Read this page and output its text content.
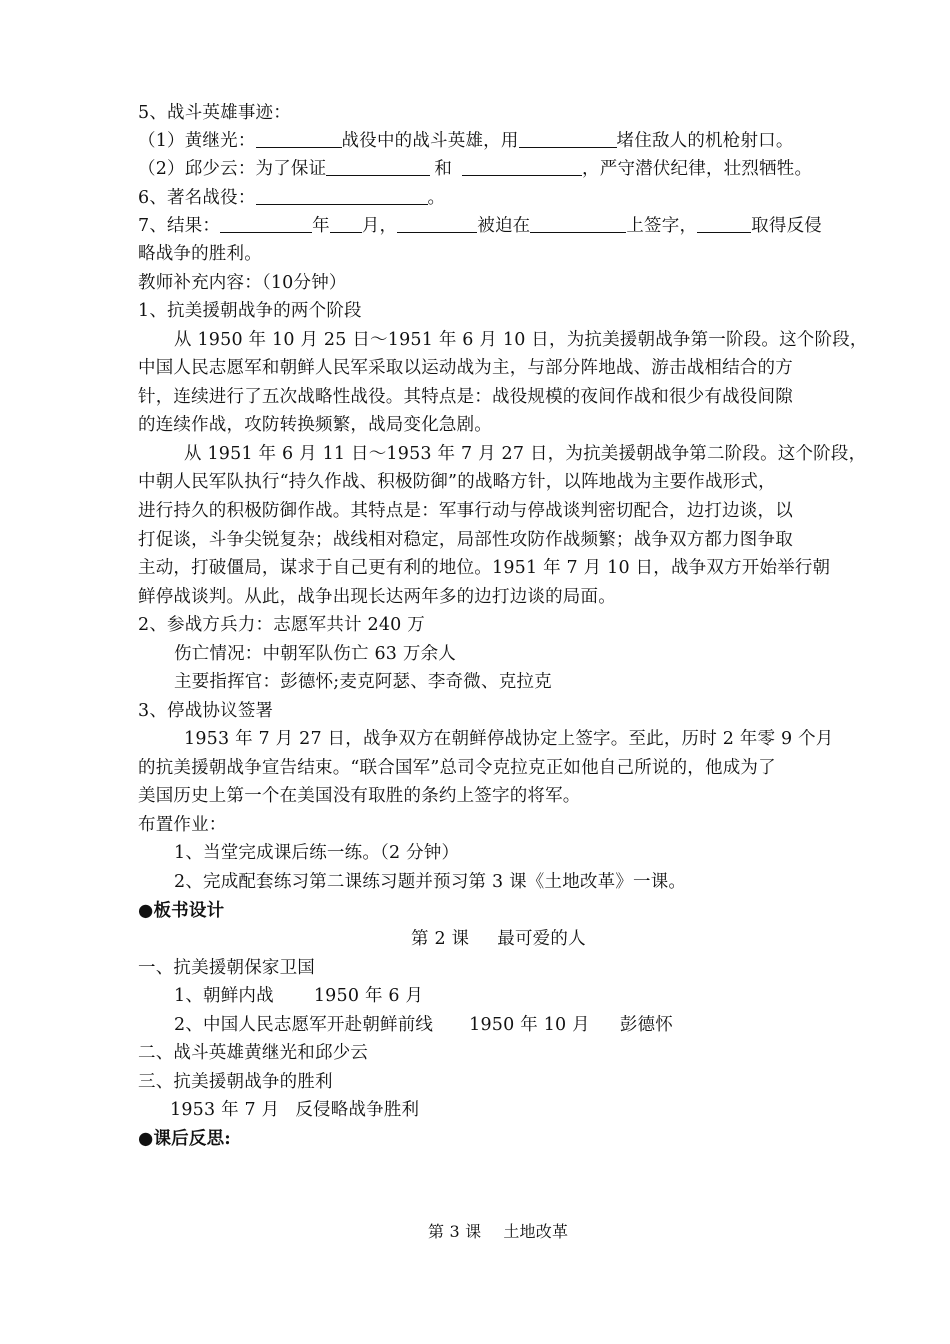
5、战斗英雄事迹：
（1）黄继光：	战役中的战斗英雄，用	堵住敌人的机枪射口。
（2）邱少云：为了保证	和	，严守潜伏纪律，壮烈牺牲。
6、著名战役：	。
7、结果：	年 月，	被迫在	上签字，	取得反侵
略战争的胜利。
教师补充内容：（10分钟）
1、抗美援朝战争的两个阶段
从 1950 年 10 月 25 日～1951 年 6 月 10 日，为抗美援朝战争第一阶段。这个阶段，
中国人民志愿军和朝鲜人民军采取以运动战为主，与部分阵地战、游击战相结合的方
针，连续进行了五次战略性战役。其特点是：战役规模的夜间作战和很少有战役间隙
的连续作战，攻防转换频繁，战局变化急剧。
从 1951 年 6 月 11 日～1953 年 7 月 27 日，为抗美援朝战争第二阶段。这个阶段，
中朝人民军队执行“持久作战、积极防御”的战略方针，以阵地战为主要作战形式，
进行持久的积极防御作战。其特点是：军事行动与停战谈判密切配合，边打边谈，以
打促谈，斗争尖锐复杂；战线相对稳定，局部性攻防作战频繁；战争双方都力图争取
主动，打破僵局，谋求于自己更有利的地位。1951 年 7 月 10 日，战争双方开始举行朝
鲜停战谈判。从此，战争出现长达两年多的边打边谈的局面。
2、参战方兵力：志愿军共计 240 万
伤亡情况：中朝军队伤亡 63 万余人
主要指挥官：彭德怀;麦克阿瑟、李奇微、克拉克
3、停战协议签署
1953 年 7 月 27 日，战争双方在朝鲜停战协定上签字。至此，历时 2 年零 9 个月
的抗美援朝战争宣告结束。“联合国军”总司令克拉克正如他自己所说的，他成为了
美国历史上第一个在美国没有取胜的条约上签字的将军。
布置作业：
1、当堂完成课后练一练。（2 分钟）
2、完成配套练习第二课练习题并预习第 3 课《土地改革》一课。
●板书设计
第 2 课 最可爱的人
一、抗美援朝保家卫国
1、朝鲜内战 1950 年 6 月
2、中国人民志愿军开赴朝鲜前线 1950 年 10 月 彭德怀
二、战斗英雄黄继光和邱少云
三、抗美援朝战争的胜利
1953 年 7 月 反侵略战争胜利
●课后反思:
第 3 课 土地改革
